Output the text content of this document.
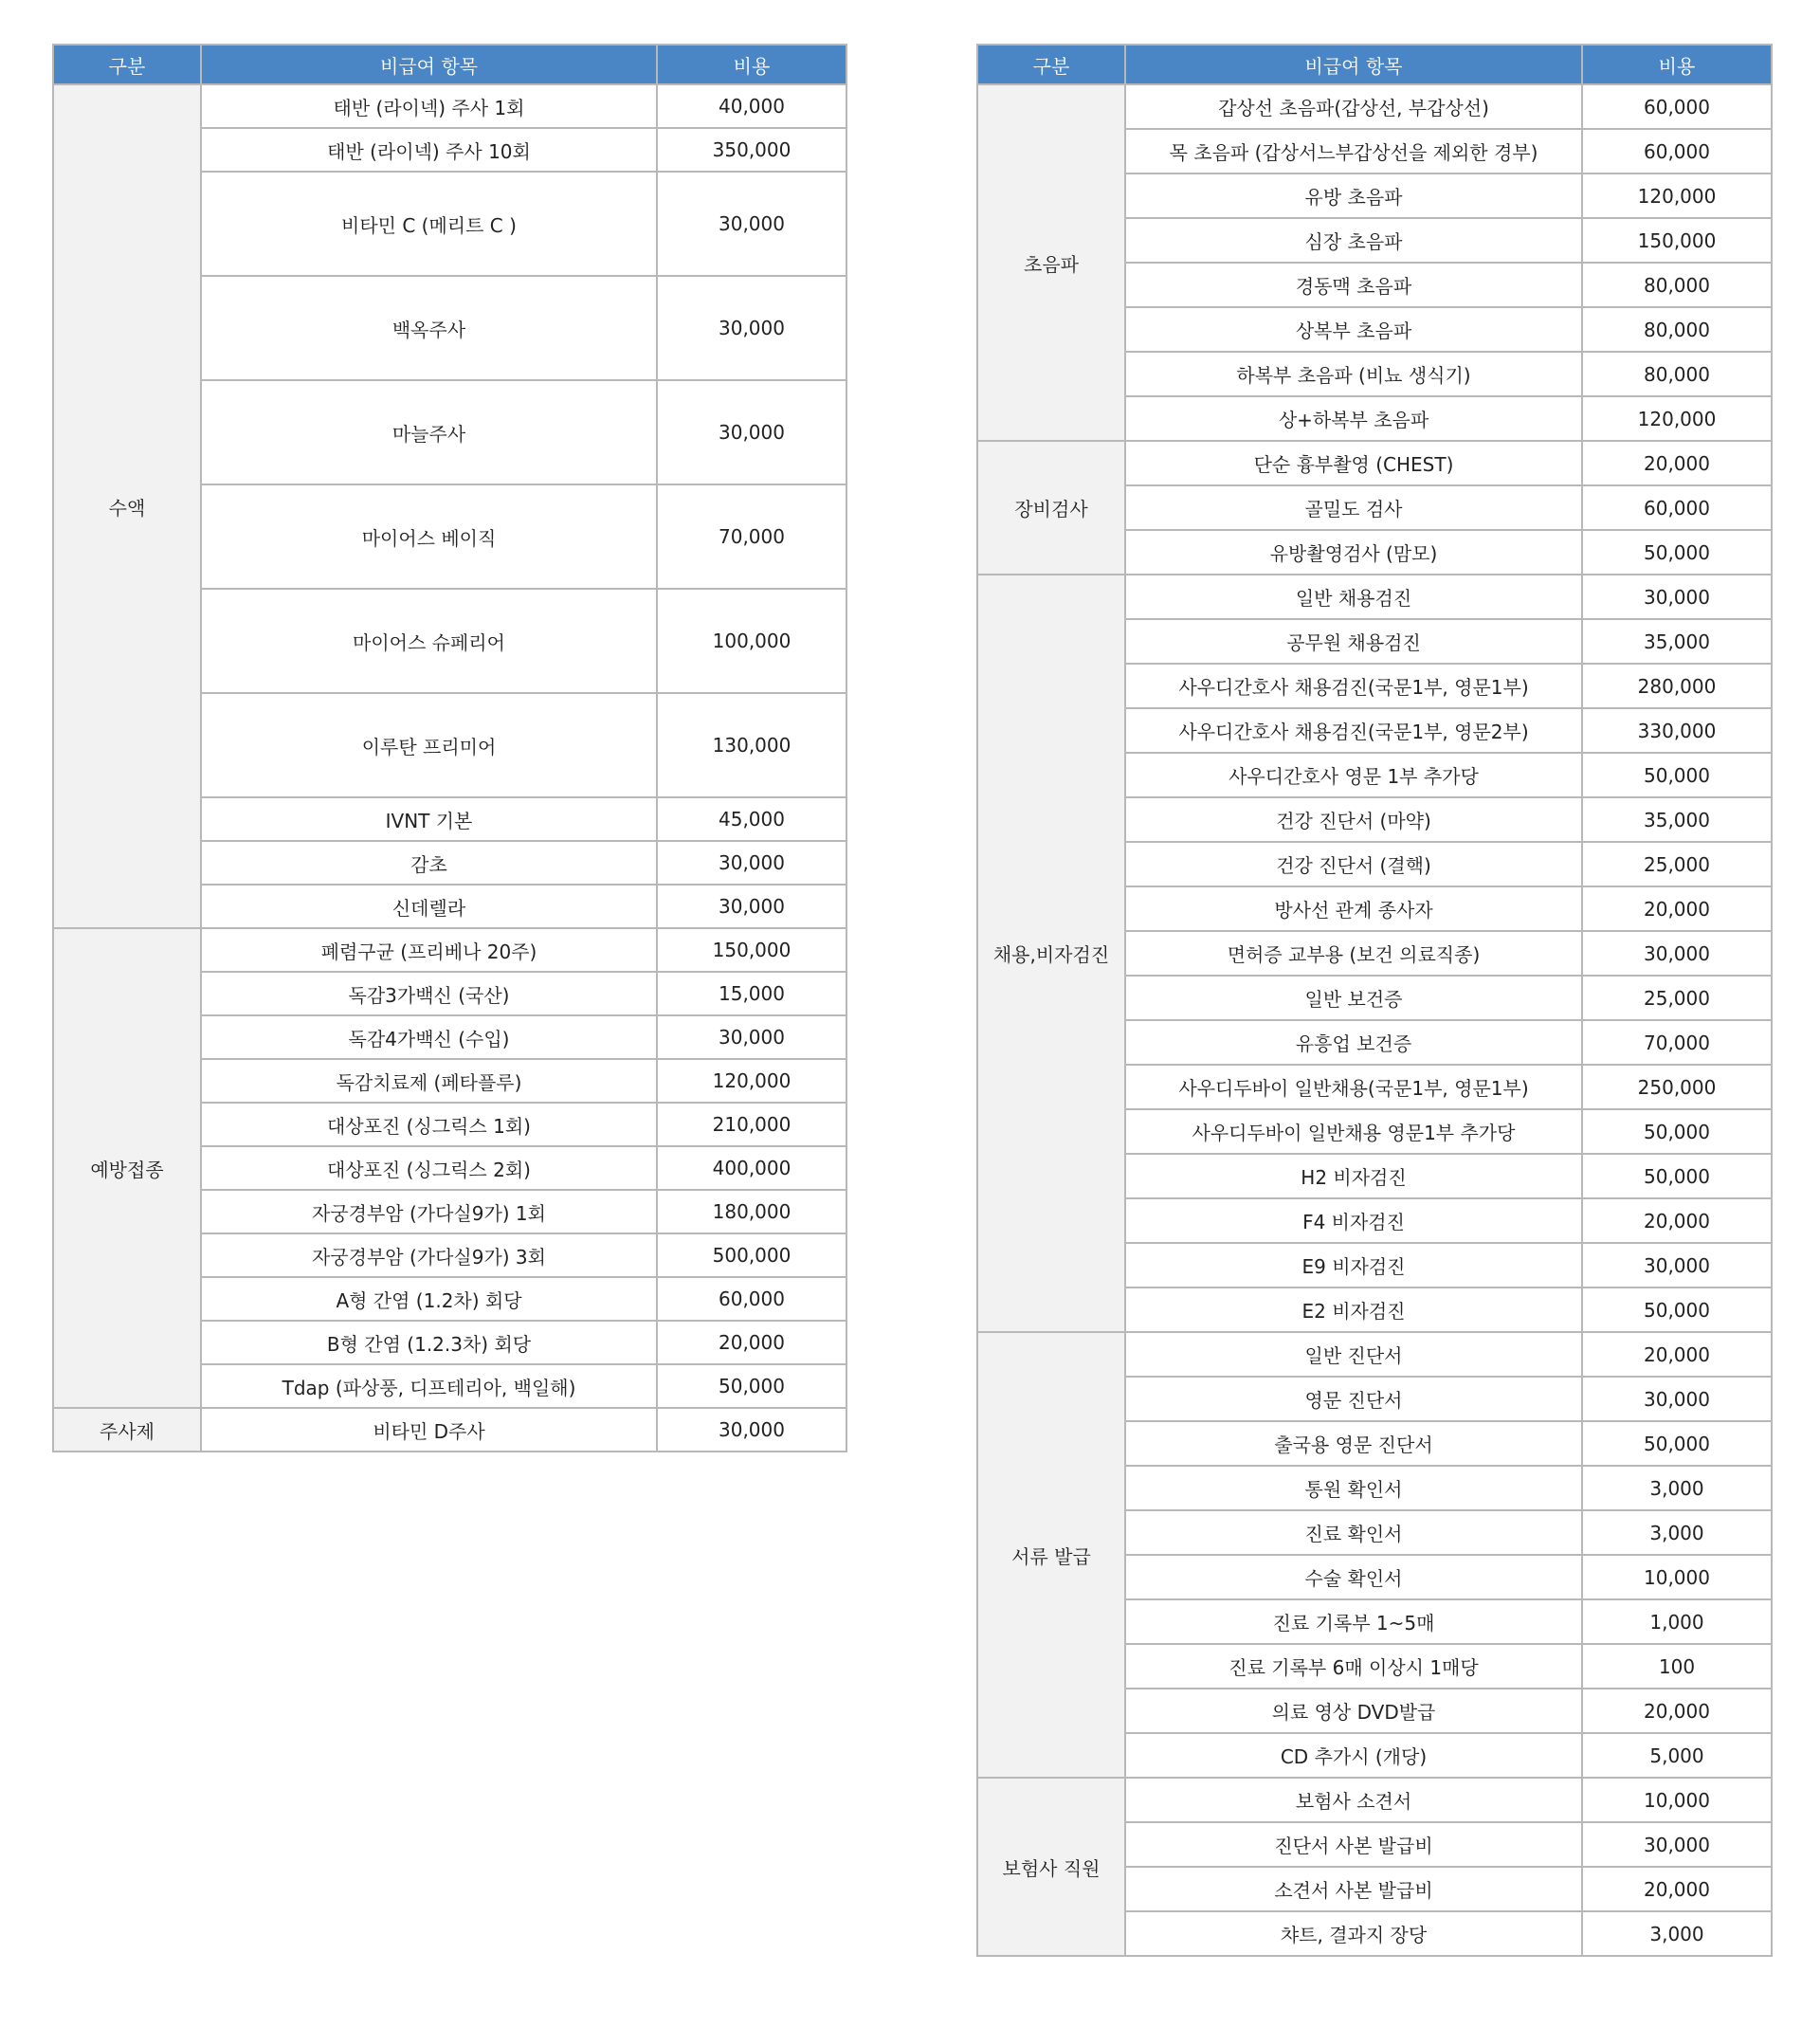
구분	비급여 항목	비용
수액	태반 (라이넥) 주사 1회	40,000
	태반 (라이넥) 주사 10회	350,000
	비타민 C (메리트 C )	30,000
	백옥주사	30,000
	마늘주사	30,000
	마이어스 베이직	70,000
	마이어스 슈페리어	100,000
	이루탄 프리미어	130,000
	IVNT 기본	45,000
	감초	30,000
	신데렐라	30,000
예방접종	폐렴구균 (프리베나 20주)	150,000
	독감3가백신 (국산)	15,000
	독감4가백신 (수입)	30,000
	독감치료제 (페타플루)	120,000
	대상포진 (싱그릭스 1회)	210,000
	대상포진 (싱그릭스 2회)	400,000
	자궁경부암 (가다실9가) 1회	180,000
	자궁경부암 (가다실9가) 3회	500,000
	A형 간염 (1.2차) 회당	60,000
	B형 간염 (1.2.3차) 회당	20,000
	Tdap (파상풍, 디프테리아, 백일해)	50,000
주사제	비타민 D주사	30,000
구분	비급여 항목	비용
초음파	갑상선 초음파(갑상선, 부갑상선)	60,000
	목 초음파 (갑상서느부갑상선을 제외한 경부)	60,000
	유방 초음파	120,000
	심장 초음파	150,000
	경동맥 초음파	80,000
	상복부 초음파	80,000
	하복부 초음파 (비뇨 생식기)	80,000
	상+하복부 초음파	120,000
장비검사	단순 흉부촬영 (CHEST)	20,000
	골밀도 검사	60,000
	유방촬영검사 (맘모)	50,000
채용,비자검진	일반 채용검진	30,000
	공무원 채용검진	35,000
	사우디간호사 채용검진(국문1부, 영문1부)	280,000
	사우디간호사 채용검진(국문1부, 영문2부)	330,000
	사우디간호사 영문 1부 추가당	50,000
	건강 진단서 (마약)	35,000
	건강 진단서 (결핵)	25,000
	방사선 관계 종사자	20,000
	면허증 교부용 (보건 의료직종)	30,000
	일반 보건증	25,000
	유흥업 보건증	70,000
	사우디두바이 일반채용(국문1부, 영문1부)	250,000
	사우디두바이 일반채용 영문1부 추가당	50,000
	H2 비자검진	50,000
	F4 비자검진	20,000
	E9 비자검진	30,000
	E2 비자검진	50,000
서류 발급	일반 진단서	20,000
	영문 진단서	30,000
	출국용 영문 진단서	50,000
	통원 확인서	3,000
	진료 확인서	3,000
	수술 확인서	10,000
	진료 기록부 1~5매	1,000
	진료 기록부 6매 이상시 1매당	100
	의료 영상 DVD발급	20,000
	CD 추가시 (개당)	5,000
보험사 직원	보험사 소견서	10,000
	진단서 사본 발급비	30,000
	소견서 사본 발급비	20,000
	챠트, 결과지 장당	3,000
